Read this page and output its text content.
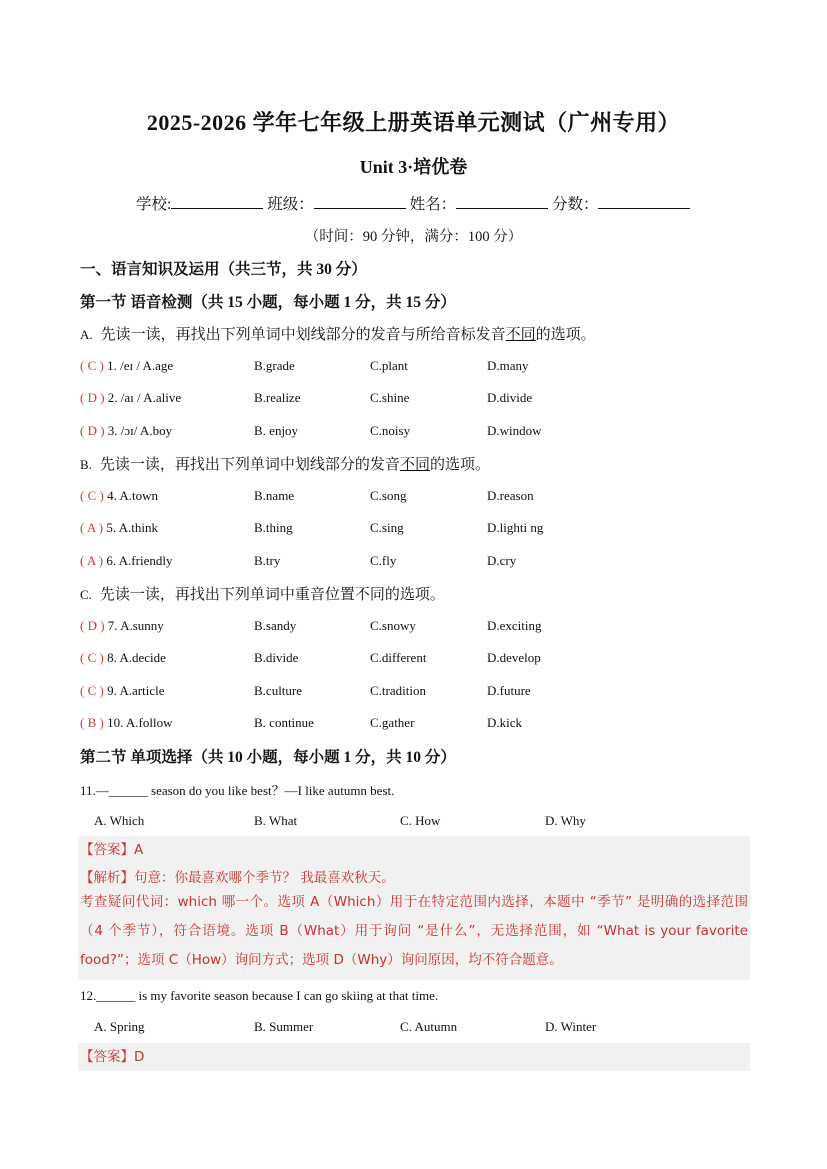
2025-2026 学年七年级上册英语单元测试（广州专用）
Unit 3·培优卷
学校:	班级：	姓名：	分数：
（时间：90 分钟，满分：100 分）
一、语言知识及运用（共三节，共 30 分）
第一节 语音检测（共 15 小题，每小题 1 分，共 15 分）
A. 先读一读，再找出下列单词中划线部分的发音与所给音标发音不同的选项。
( C ) 1. /eɪ / A.age	B.grade	C.plant	D.many
( D ) 2. /aɪ / A.alive	B.realize	C.shine	D.divide
( D ) 3. /ɔɪ/ A.boy	B. enjoy	C.noisy	D.window
B. 先读一读，再找出下列单词中划线部分的发音不同的选项。
( C ) 4. A.town	B.name	C.song	D.reason
( A ) 5. A.think	B.thing	C.sing	D.lighti ng
( A ) 6. A.friendly	B.try	C.fly	D.cry
C. 先读一读，再找出下列单词中重音位置不同的选项。
( D ) 7. A.sunny	B.sandy	C.snowy	D.exciting
( C ) 8. A.decide	B.divide	C.different	D.develop
( C ) 9. A.article	B.culture	C.tradition	D.future
( B ) 10. A.follow	B. continue	C.gather	D.kick
第二节 单项选择（共 10 小题，每小题 1 分，共 10 分）
11.—______ season do you like best？—I like autumn best.
A. Which	B. What	C. How	D. Why
【答案】A
【解析】句意：你最喜欢哪个季节？ 我最喜欢秋天。
考查疑问代词：which 哪一个。选项 A（Which）用于在特定范围内选择，本题中 “季节” 是明确的选择范围（4 个季节），符合语境。选项 B（What）用于询问 “是什么”，无选择范围，如 “What is your favorite food?”；选项 C（How）询问方式；选项 D（Why）询问原因，均不符合题意。
12.______ is my favorite season because I can go skiing at that time.
A. Spring	B. Summer	C. Autumn	D. Winter
【答案】D
